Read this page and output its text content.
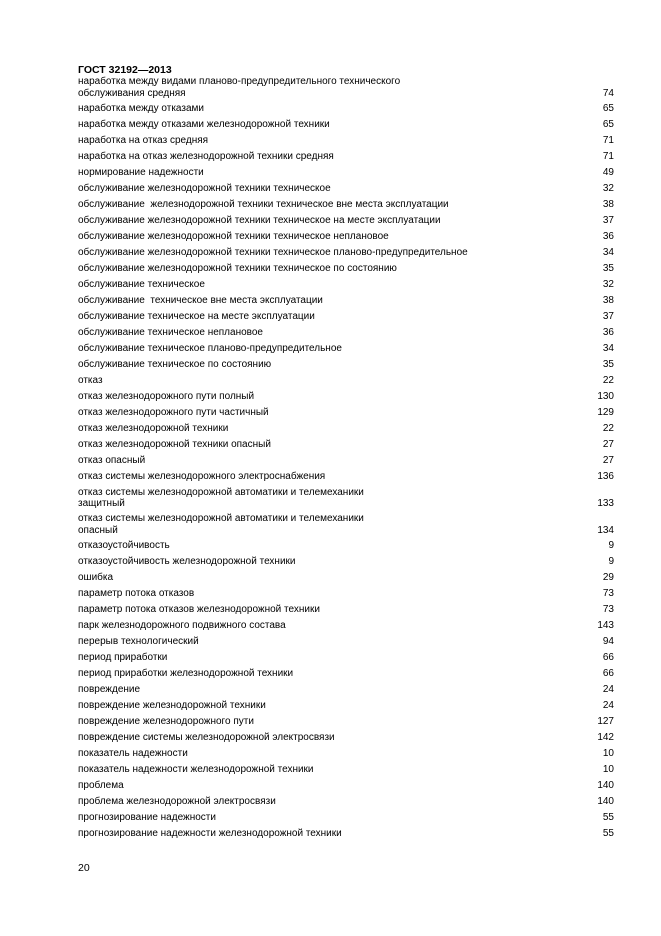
ГОСТ 32192—2013
наработка между видами планово-предупредительного технического
обслуживания средняя	74
наработка между отказами	65
наработка между отказами железнодорожной техники	65
наработка на отказ средняя	71
наработка на отказ железнодорожной техники средняя	71
нормирование надежности	49
обслуживание железнодорожной техники техническое	32
обслуживание  железнодорожной техники техническое вне места эксплуатации	38
обслуживание железнодорожной техники техническое на месте эксплуатации	37
обслуживание железнодорожной техники техническое неплановое	36
обслуживание железнодорожной техники техническое планово-предупредительное	34
обслуживание железнодорожной техники техническое по состоянию	35
обслуживание техническое	32
обслуживание  техническое вне места эксплуатации	38
обслуживание техническое на месте эксплуатации	37
обслуживание техническое неплановое	36
обслуживание техническое планово-предупредительное	34
обслуживание техническое по состоянию	35
отказ	22
отказ железнодорожного пути полный	130
отказ железнодорожного пути частичный	129
отказ железнодорожной техники	22
отказ железнодорожной техники опасный	27
отказ опасный	27
отказ системы железнодорожного электроснабжения	136
отказ системы железнодорожной автоматики и телемеханики
защитный	133
отказ системы железнодорожной автоматики и телемеханики
опасный	134
отказоустойчивость	9
отказоустойчивость железнодорожной техники	9
ошибка	29
параметр потока отказов	73
параметр потока отказов железнодорожной техники	73
парк железнодорожного подвижного состава	143
перерыв технологический	94
период приработки	66
период приработки железнодорожной техники	66
повреждение	24
повреждение железнодорожной техники	24
повреждение железнодорожного пути	127
повреждение системы железнодорожной электросвязи	142
показатель надежности	10
показатель надежности железнодорожной техники	10
проблема	140
проблема железнодорожной электросвязи	140
прогнозирование надежности	55
прогнозирование надежности железнодорожной техники	55
20
